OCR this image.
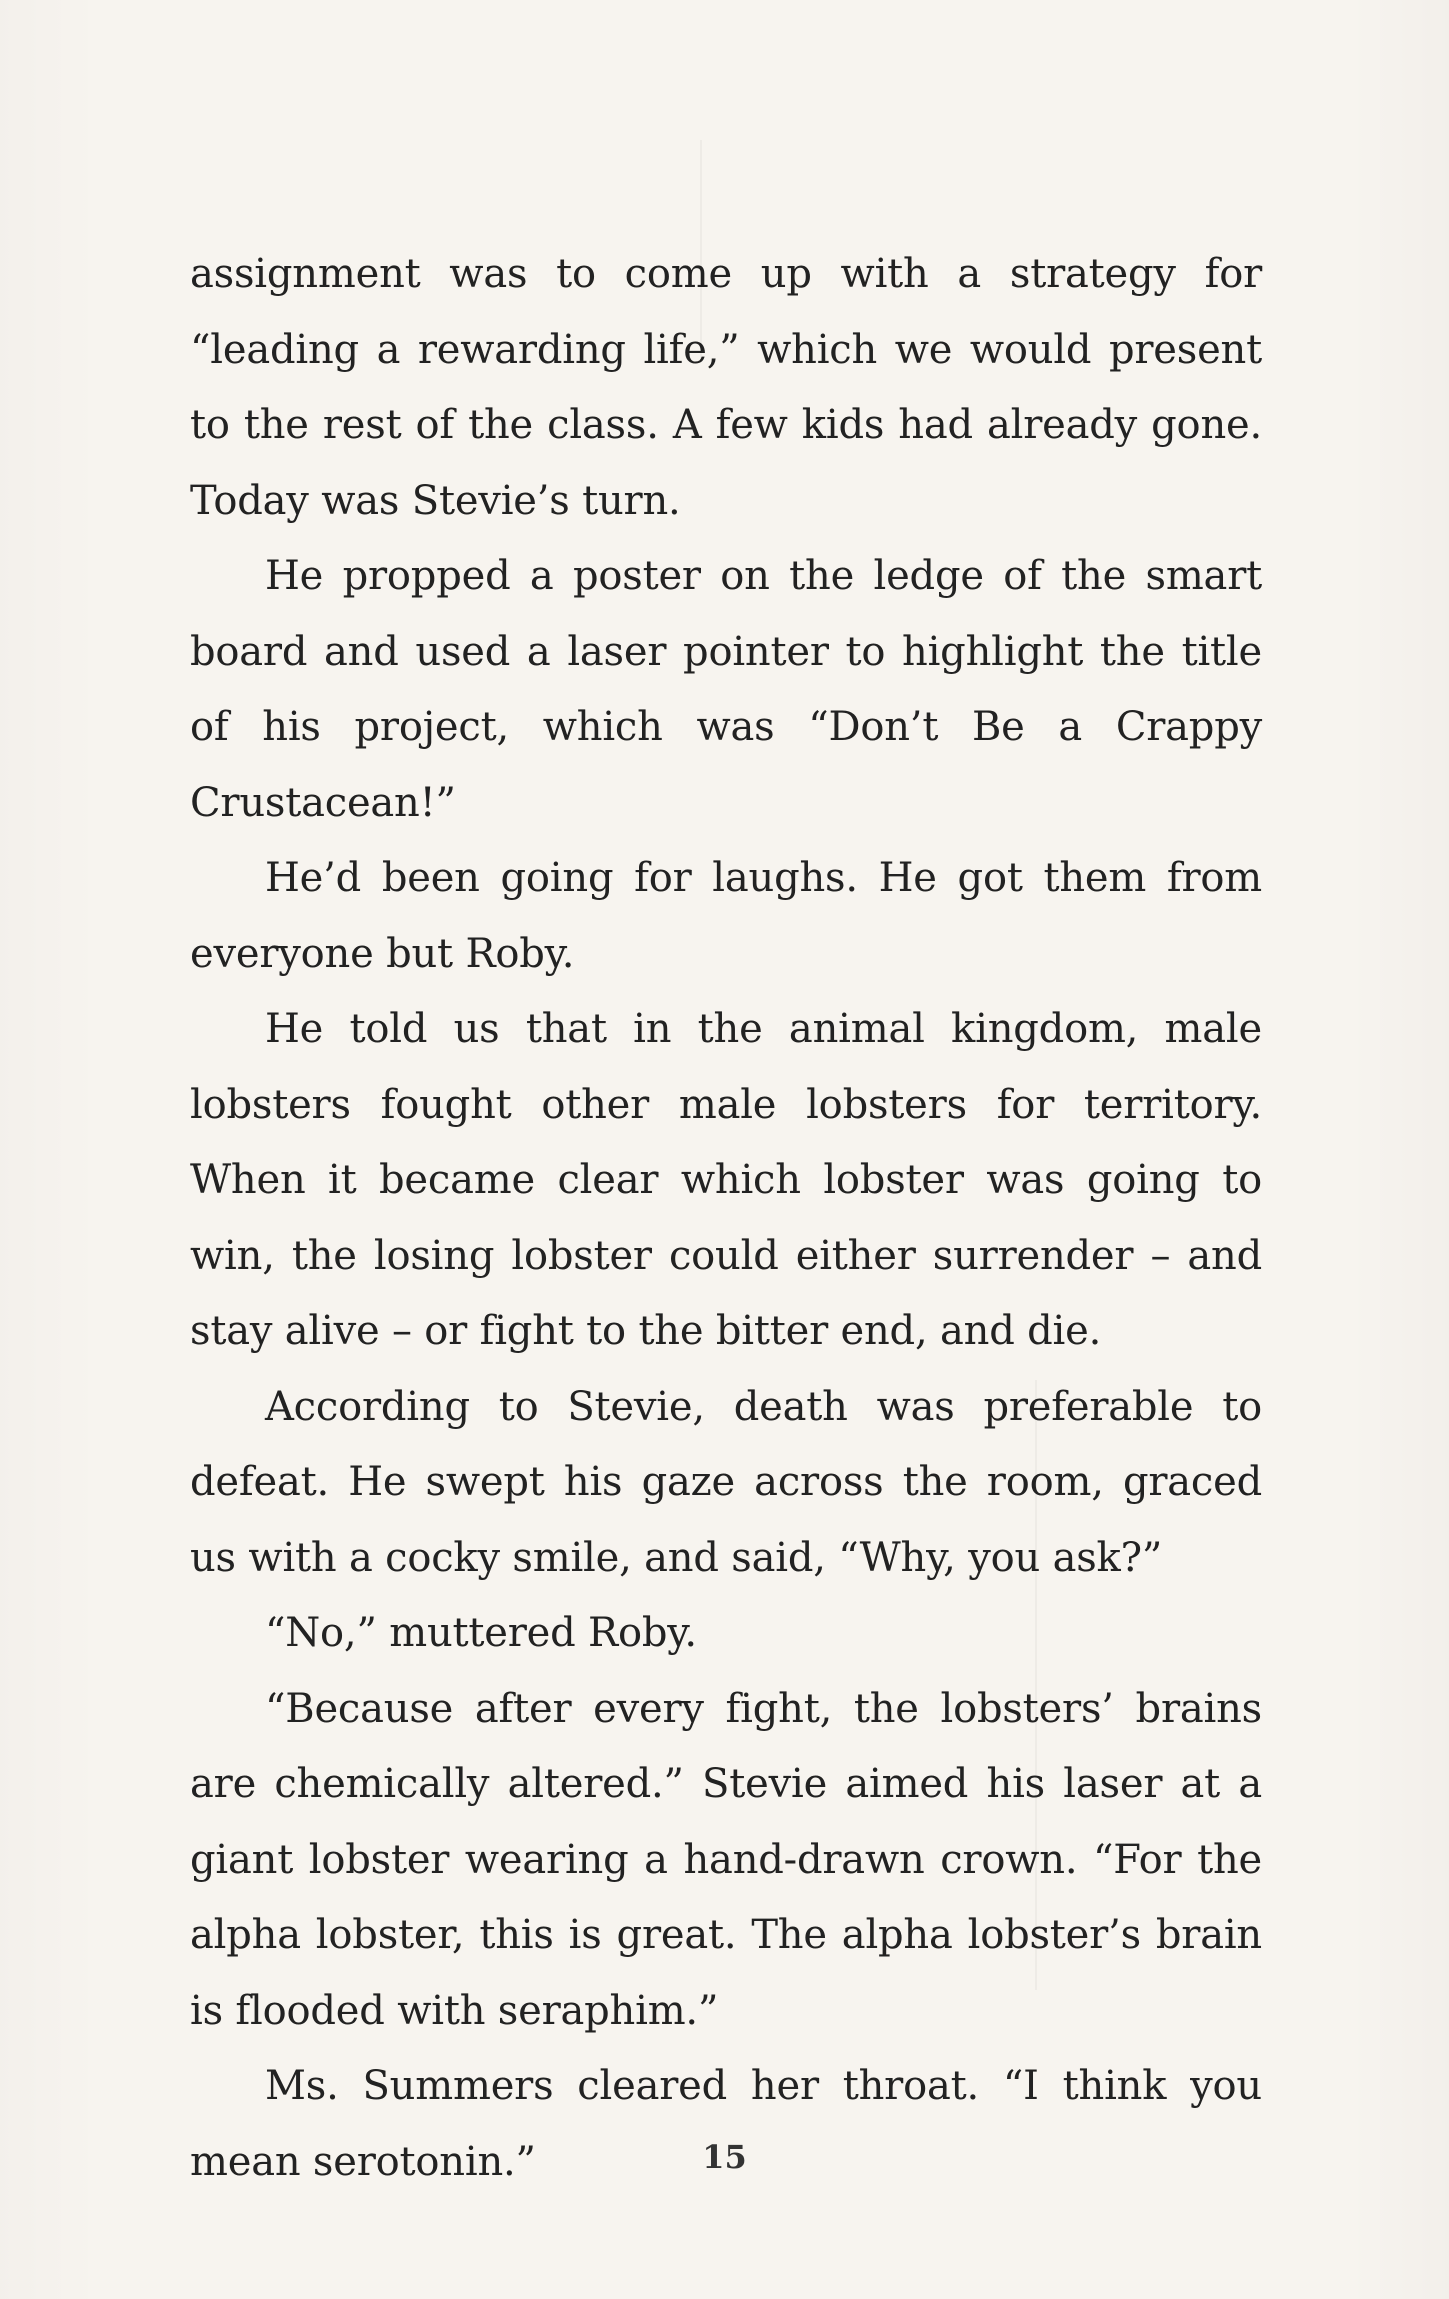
assignment was to come up with a strategy for “leading a rewarding life,” which we would present to the rest of the class. A few kids had already gone. Today was Stevie’s turn.

He propped a poster on the ledge of the smart board and used a laser pointer to highlight the title of his project, which was “Don’t Be a Crappy Crustacean!”

He’d been going for laughs. He got them from everyone but Roby.

He told us that in the animal kingdom, male lobsters fought other male lobsters for territory. When it became clear which lobster was going to win, the losing lobster could either surrender – and stay alive – or fight to the bitter end, and die.

According to Stevie, death was preferable to defeat. He swept his gaze across the room, graced us with a cocky smile, and said, “Why, you ask?”

“No,” muttered Roby.

“Because after every fight, the lobsters’ brains are chemically altered.” Stevie aimed his laser at a giant lobster wearing a hand-drawn crown. “For the alpha lobster, this is great. The alpha lobster’s brain is flooded with seraphim.”

Ms. Summers cleared her throat. “I think you mean serotonin.”	15
